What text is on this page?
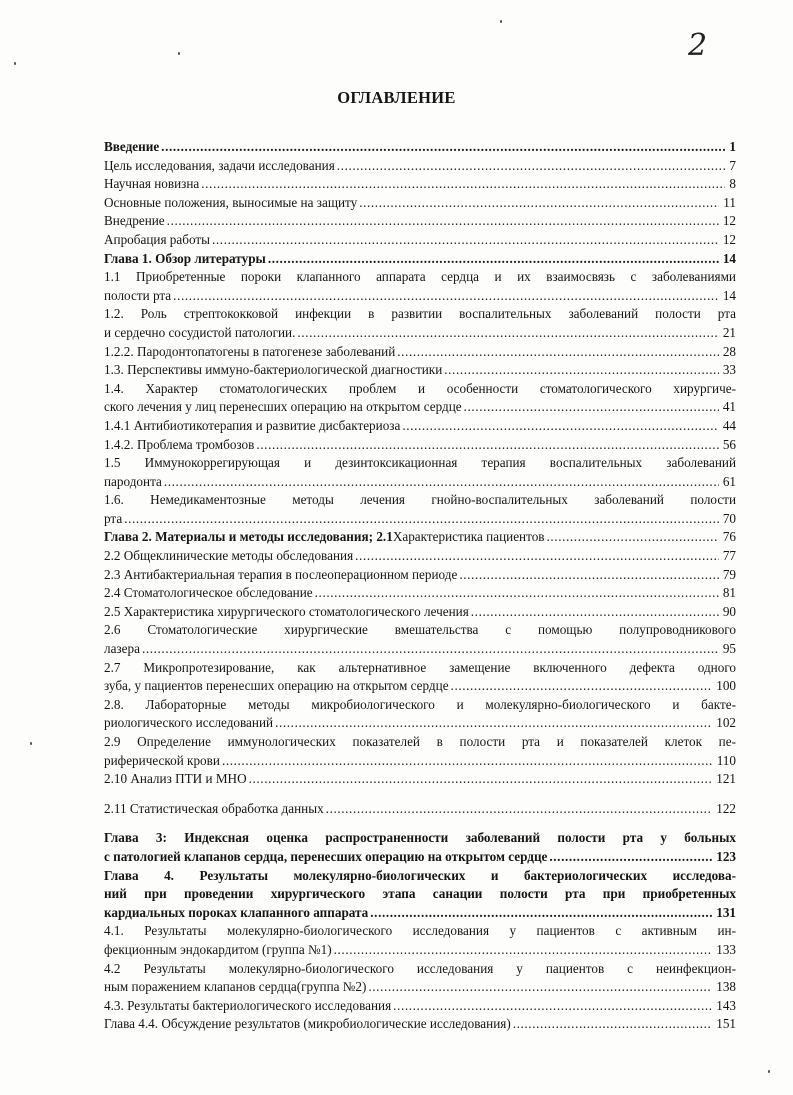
2
ОГЛАВЛЕНИЕ
Введение .....	1
Цель исследования, задачи исследования .....	7
Научная новизна .....	8
Основные положения, выносимые на защиту .....	11
Внедрение .....	12
Апробация работы .....	12
Глава 1. Обзор литературы .....	14
1.1 Приобретенные пороки клапанного аппарата сердца и их взаимосвязь с заболеваниями
полости рта .....	14
1.2. Роль стрептококковой инфекции в развитии воспалительных заболеваний полости рта
и сердечно сосудистой патологии. .....	21
1.2.2. Пародонтопатогены в патогенезе заболеваний .....	28
1.3. Перспективы иммуно-бактериологической диагностики .....	33
1.4. Характер стоматологических проблем и особенности стоматологического хирургиче-
ского лечения у лиц перенесших операцию на открытом сердце .....	41
1.4.1 Антибиотикотерапия и развитие дисбактериоза .....	44
1.4.2. Проблема тромбозов .....	56
1.5 Иммунокоррегирующая и дезинтоксикационная терапия воспалительных заболеваний
пародонта .....	61
1.6. Немедикаментозные методы лечения гнойно-воспалительных заболеваний полости
рта .....	70
Глава 2. Материалы и методы исследования; 2.1Характеристика пациентов .....	76
2.2 Общеклинические методы обследования .....	77
2.3 Антибактериальная терапия в послеоперационном периоде .....	79
2.4 Стоматологическое обследование .....	81
2.5 Характеристика хирургического стоматологического лечения .....	90
2.6 Стоматологические хирургические вмешательства с помощью полупроводникового
лазера .....	95
2.7 Микропротезирование, как альтернативное замещение включенного дефекта одного
зуба, у пациентов перенесших операцию на открытом сердце .....	100
2.8. Лабораторные методы микробиологического и молекулярно-биологического и бакте-
риологического исследований .....	102
2.9 Определение иммунологических показателей в полости рта и показателей клеток пе-
риферической крови .....	110
2.10 Анализ ПТИ и МНО .....	121
2.11 Статистическая обработка данных .....	122
Глава 3: Индексная оценка распространенности заболеваний полости рта у больных
с патологией клапанов сердца, перенесших операцию на открытом сердце .....	123
Глава 4. Результаты молекулярно-биологических и бактериологических исследова-
ний при проведении хирургического этапа санации полости рта при приобретенных
кардиальных пороках клапанного аппарата .....	131
4.1. Результаты молекулярно-биологического исследования у пациентов с активным ин-
фекционным эндокардитом (группа №1) .....	133
4.2 Результаты молекулярно-биологического исследования у пациентов с неинфекцион-
ным поражением клапанов сердца(группа №2) .....	138
4.3. Результаты бактериологического исследования .....	143
Глава 4.4. Обсуждение результатов (микробиологические исследования) .....	151
